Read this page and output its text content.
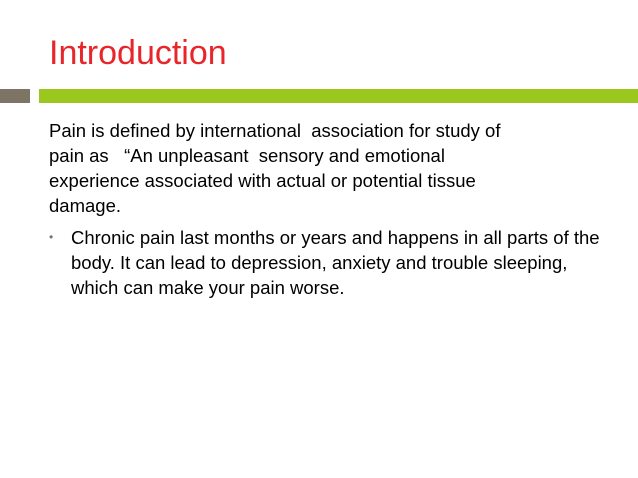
Introduction

Pain is defined by international  association for study of
pain as   “An unpleasant  sensory and emotional
experience associated with actual or potential tissue
damage.

• Chronic pain last months or years and happens in all parts of the body. It can lead to depression, anxiety and trouble sleeping, which can make your pain worse.
